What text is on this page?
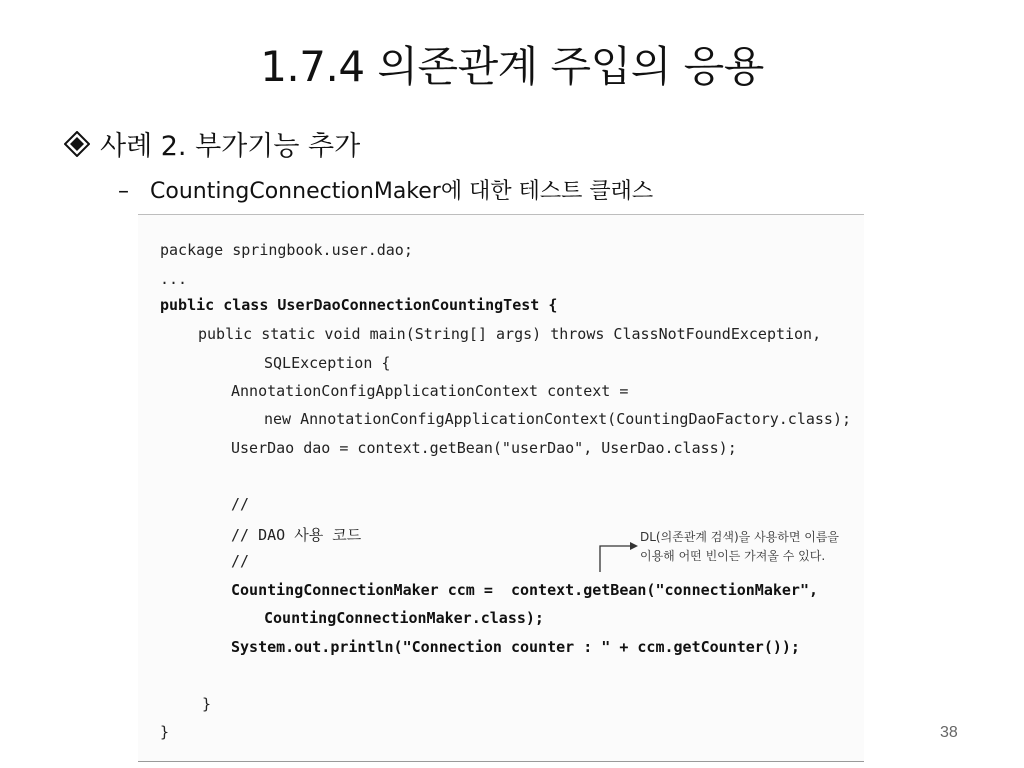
1.7.4 의존관계 주입의 응용
사례 2. 부가기능 추가
– CountingConnectionMaker에 대한 테스트 클래스
package springbook.user.dao;
...
public class UserDaoConnectionCountingTest {
public static void main(String[] args) throws ClassNotFoundException,
SQLException {
AnnotationConfigApplicationContext context =
new AnnotationConfigApplicationContext(CountingDaoFactory.class);
UserDao dao = context.getBean("userDao", UserDao.class);
//
// DAO 사용 코드
//
CountingConnectionMaker ccm =  context.getBean("connectionMaker",
CountingConnectionMaker.class);
System.out.println("Connection counter : " + ccm.getCounter());
}
}
DL(의존관계 검색)을 사용하면 이름을
이용해 어떤 빈이든 가져올 수 있다.
38
